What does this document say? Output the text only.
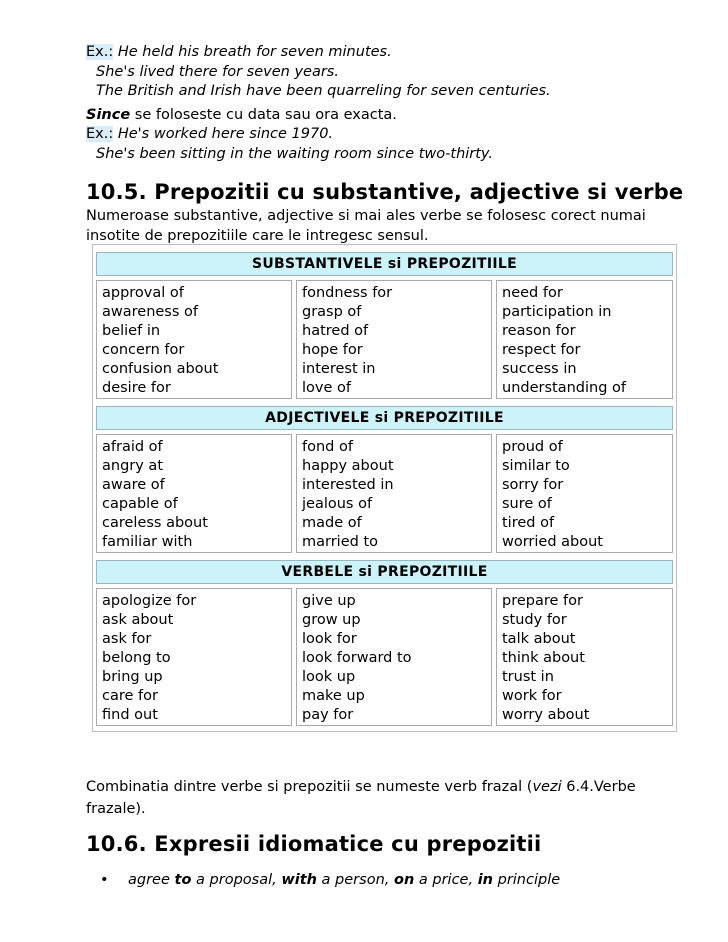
Ex.: He held his breath for seven minutes.
She's lived there for seven years.
The British and Irish have been quarreling for seven centuries.
Since se foloseste cu data sau ora exacta.
Ex.: He's worked here since 1970.
She's been sitting in the waiting room since two-thirty.
10.5. Prepozitii cu substantive, adjective si verbe
Numeroase substantive, adjective si mai ales verbe se folosesc corect numai insotite de prepozitiile care le intregesc sensul.
SUBSTANTIVELE si PREPOZITIILE
approval of
awareness of
belief in
concern for
confusion about
desire for
fondness for
grasp of
hatred of
hope for
interest in
love of
need for
participation in
reason for
respect for
success in
understanding of
ADJECTIVELE si PREPOZITIILE
afraid of
angry at
aware of
capable of
careless about
familiar with
fond of
happy about
interested in
jealous of
made of
married to
proud of
similar to
sorry for
sure of
tired of
worried about
VERBELE si PREPOZITIILE
apologize for
ask about
ask for
belong to
bring up
care for
find out
give up
grow up
look for
look forward to
look up
make up
pay for
prepare for
study for
talk about
think about
trust in
work for
worry about
Combinatia dintre verbe si prepozitii se numeste verb frazal (vezi 6.4.Verbe frazale).
10.6. Expresii idiomatice cu prepozitii
• agree to a proposal, with a person, on a price, in principle
